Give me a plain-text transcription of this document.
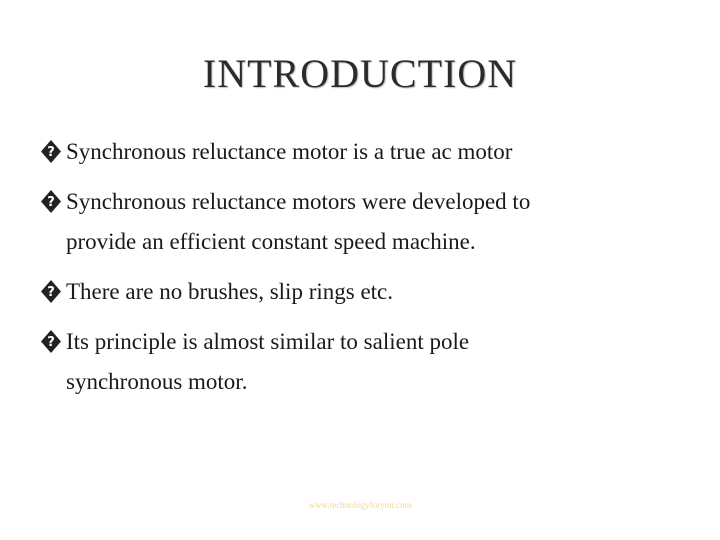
INTRODUCTION
? Synchronous reluctance motor is a true ac motor
? Synchronous reluctance motors were developed to
provide an efficient constant speed machine.
? There are no brushes, slip rings etc.
? Its principle is almost similar to salient pole
synchronous motor.
www.technologyforyou.com
